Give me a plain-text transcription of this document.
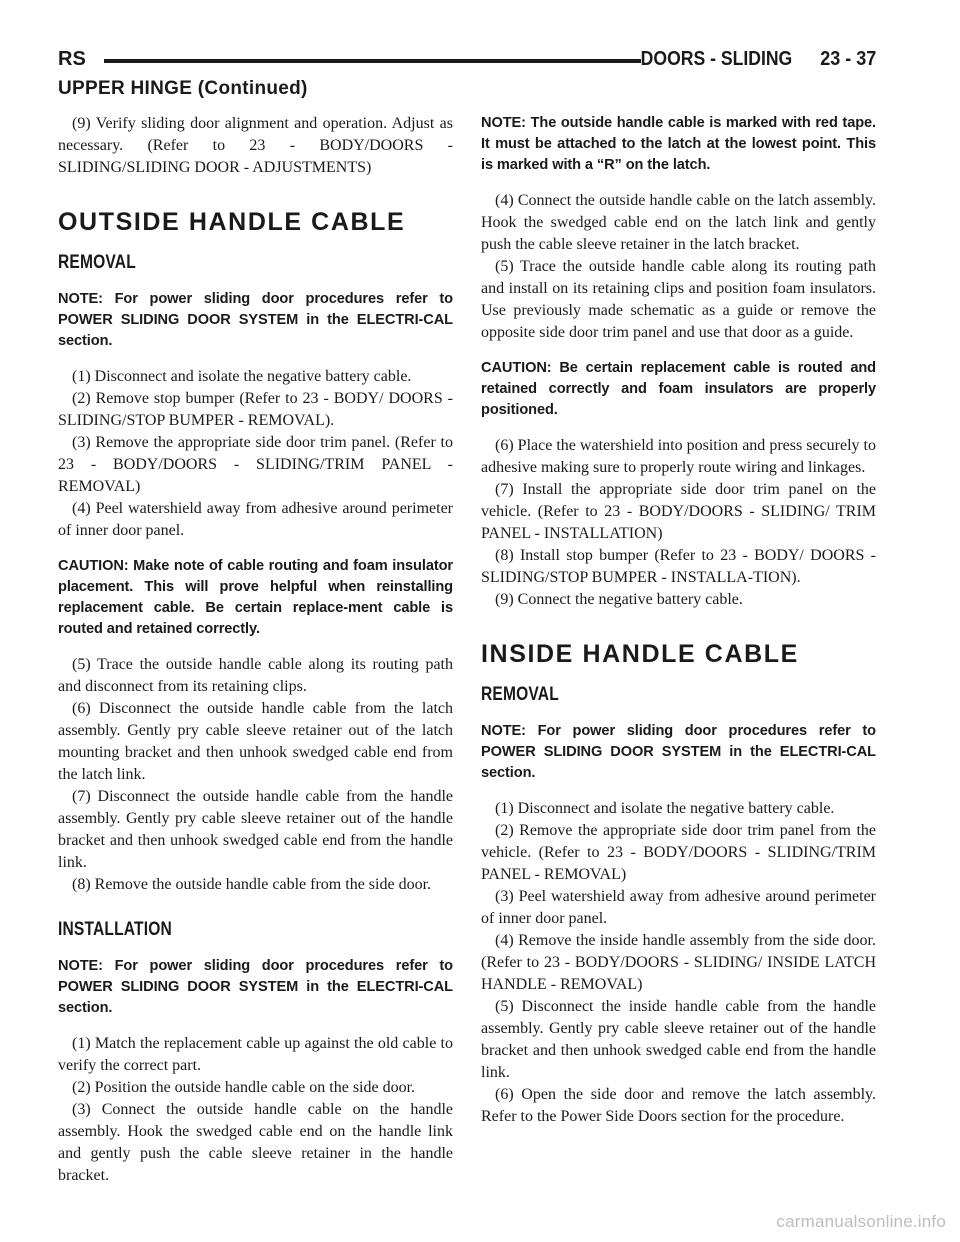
RS	DOORS - SLIDING 23 - 37
UPPER HINGE (Continued)

(9) Verify sliding door alignment and operation. Adjust as necessary. (Refer to 23 - BODY/DOORS - SLIDING/SLIDING DOOR - ADJUSTMENTS)

OUTSIDE HANDLE CABLE
REMOVAL
NOTE: For power sliding door procedures refer to POWER SLIDING DOOR SYSTEM in the ELECTRI-CAL section.

(1) Disconnect and isolate the negative battery cable.

(2) Remove stop bumper (Refer to 23 - BODY/ DOORS - SLIDING/STOP BUMPER - REMOVAL).

(3) Remove the appropriate side door trim panel. (Refer to 23 - BODY/DOORS - SLIDING/TRIM PANEL - REMOVAL)

(4) Peel watershield away from adhesive around perimeter of inner door panel.

CAUTION: Make note of cable routing and foam insulator placement. This will prove helpful when reinstalling replacement cable. Be certain replace-ment cable is routed and retained correctly.

(5) Trace the outside handle cable along its routing path and disconnect from its retaining clips.

(6) Disconnect the outside handle cable from the latch assembly. Gently pry cable sleeve retainer out of the latch mounting bracket and then unhook swedged cable end from the latch link.

(7) Disconnect the outside handle cable from the handle assembly. Gently pry cable sleeve retainer out of the handle bracket and then unhook swedged cable end from the handle link.

(8) Remove the outside handle cable from the side door.

INSTALLATION
NOTE: For power sliding door procedures refer to POWER SLIDING DOOR SYSTEM in the ELECTRI-CAL section.

(1) Match the replacement cable up against the old cable to verify the correct part.

(2) Position the outside handle cable on the side door.

(3) Connect the outside handle cable on the handle assembly. Hook the swedged cable end on the handle link and gently push the cable sleeve retainer in the handle bracket.

NOTE: The outside handle cable is marked with red tape. It must be attached to the latch at the lowest point. This is marked with a “R” on the latch.

(4) Connect the outside handle cable on the latch assembly. Hook the swedged cable end on the latch link and gently push the cable sleeve retainer in the latch bracket.

(5) Trace the outside handle cable along its routing path and install on its retaining clips and position foam insulators. Use previously made schematic as a guide or remove the opposite side door trim panel and use that door as a guide.

CAUTION: Be certain replacement cable is routed and retained correctly and foam insulators are properly positioned.

(6) Place the watershield into position and press securely to adhesive making sure to properly route wiring and linkages.

(7) Install the appropriate side door trim panel on the vehicle. (Refer to 23 - BODY/DOORS - SLIDING/ TRIM PANEL - INSTALLATION)

(8) Install stop bumper (Refer to 23 - BODY/ DOORS - SLIDING/STOP BUMPER - INSTALLA-TION).

(9) Connect the negative battery cable.

INSIDE HANDLE CABLE
REMOVAL
NOTE: For power sliding door procedures refer to POWER SLIDING DOOR SYSTEM in the ELECTRI-CAL section.

(1) Disconnect and isolate the negative battery cable.

(2) Remove the appropriate side door trim panel from the vehicle. (Refer to 23 - BODY/DOORS - SLIDING/TRIM PANEL - REMOVAL)

(3) Peel watershield away from adhesive around perimeter of inner door panel.

(4) Remove the inside handle assembly from the side door. (Refer to 23 - BODY/DOORS - SLIDING/ INSIDE LATCH HANDLE - REMOVAL)

(5) Disconnect the inside handle cable from the handle assembly. Gently pry cable sleeve retainer out of the handle bracket and then unhook swedged cable end from the handle link.

(6) Open the side door and remove the latch assembly. Refer to the Power Side Doors section for the procedure.

carmanualsonline.info
